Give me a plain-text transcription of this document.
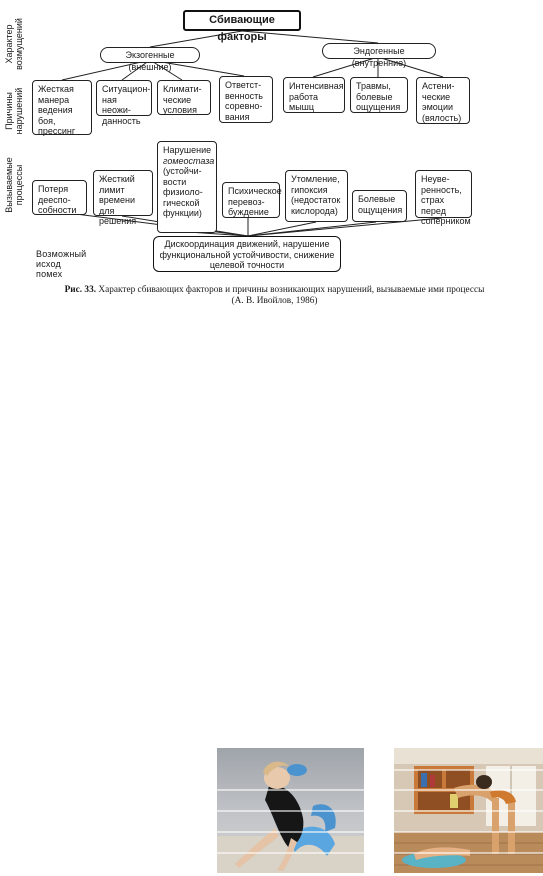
Сбивающие факторы
Характер
возмущений
Причины
нарушений
Вызываемые
процессы
Экзогенные (внешние)
Эндогенные (внутренние)
Жесткая
манера
ведения
боя,
прессинг
Ситуацион-
ная неожи-
данность
Климати-
ческие
условия
Ответст-
венность
соревно-
вания
Интенсивная
работа
мышц
Травмы,
болевые
ощущения
Астени-
ческие
эмоции
(вялость)
Потеря
дееспо-
собности
Жесткий
лимит
времени для
решения
Нарушение
гомеостаза
(устойчи-
вости
физиоло-
гической
функции)
Психическое
перевоз-
буждение
Утомление,
гипоксия
(недостаток
кислорода)
Болевые
ощущения
Неуве-
ренность,
страх перед
соперником
Возможный исход помех
Дискоординация движений, нарушение
функциональной устойчивости, снижение
целевой точности
Рис. 33. Характер сбивающих факторов и причины возникающих нарушений, вызываемые ими процессы
(А. В. Ивойлов, 1986)
